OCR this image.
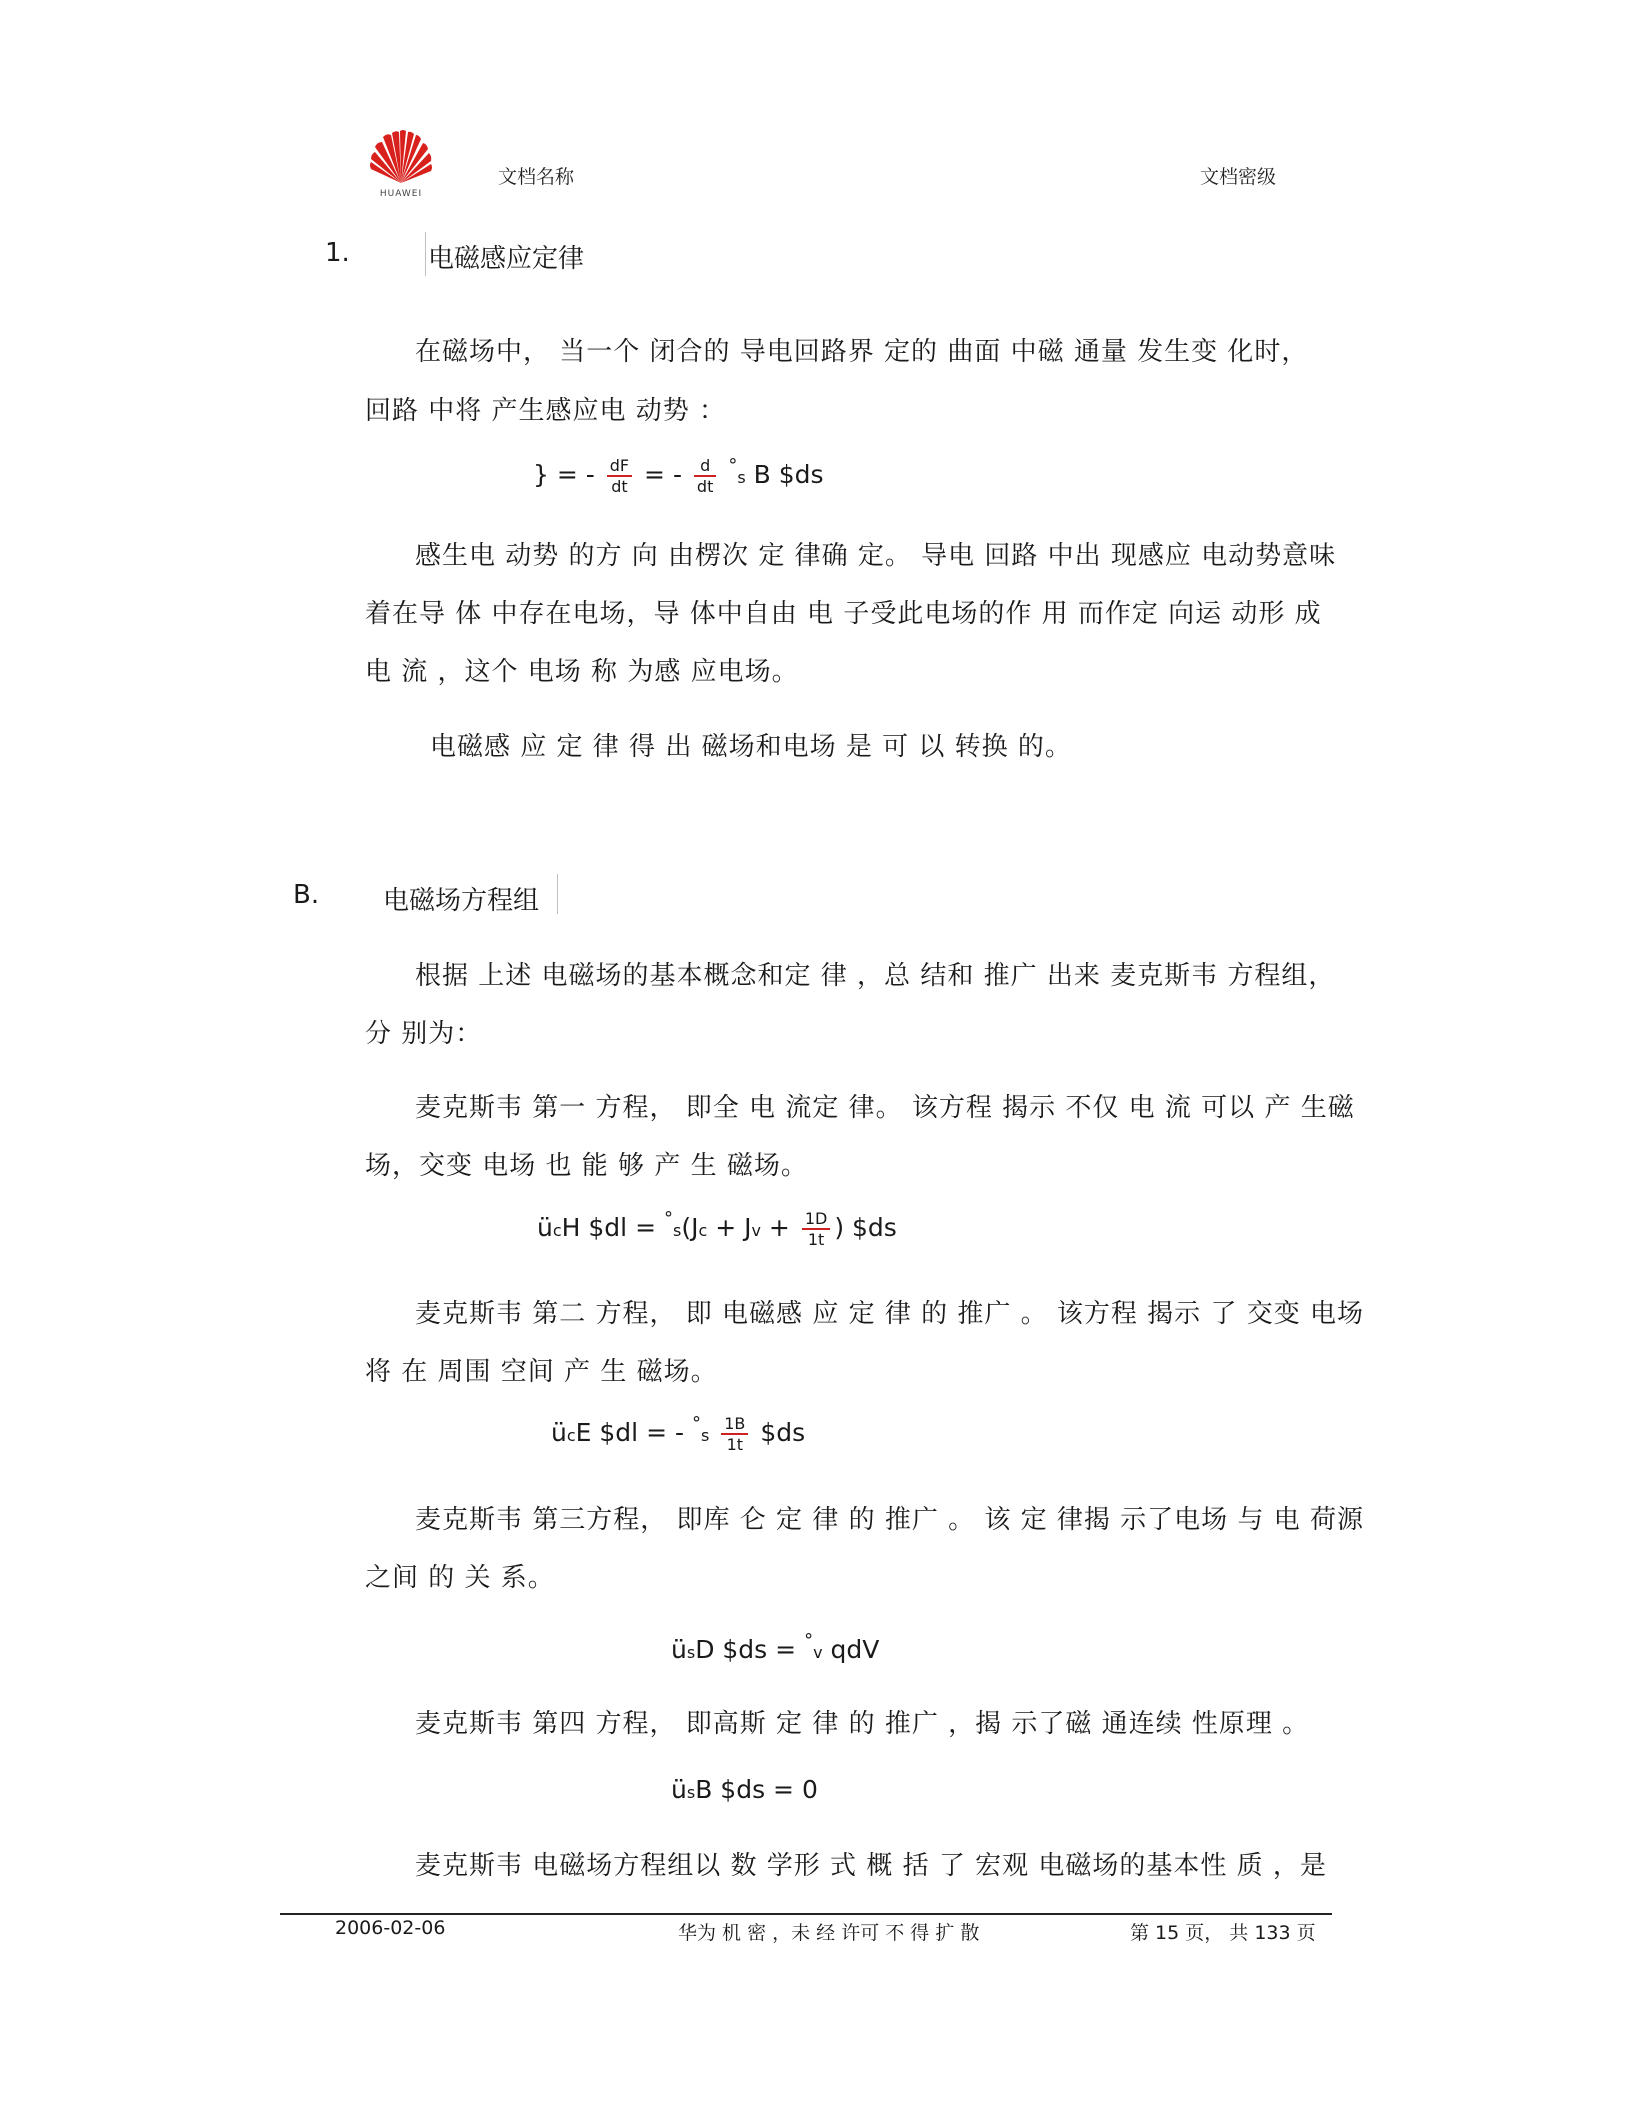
HUAWEI
文档名称	文档密级
1.	电磁感应定律
在磁场中， 当一个 闭合的 导电回路界 定的 曲面 中磁 通量 发生变 化时，
回路 中将 产生感应电 动势 ：
} = - $\frac{dF}{dt}$ = - $\frac{d}{dt} ^\circ s$ B $ds
感生电 动势 的方 向 由楞次 定 律确 定。 导电 回路 中出 现感应 电动势意味
着在导 体 中存在电场，导 体中自由 电 子受此电场的作 用 而作定 向运 动形 成
电 流 ，这个 电场 称 为感 应电场。
电磁感 应 定 律 得 出 磁场和电场 是 可 以 转换 的。
B. 电磁场方程组
根据 上述 电磁场的基本概念和定 律 ，总 结和 推广 出来 麦克斯韦 方程组，
分 别为：
麦克斯韦 第一 方程， 即全 电 流定 律。 该方程 揭示 不仅 电 流 可以 产 生磁
场，交变 电场 也 能 够 产 生 磁场。
ücH $dl = $^\circ s(Jc + Jv + \frac{1D}{1t}$ ) $ds
麦克斯韦 第二 方程， 即 电磁感 应 定 律 的 推广 。 该方程 揭示 了 交变 电场
将 在 周围 空间 产 生 磁场。
ücE $dl = - $^\circ s \frac{1B}{1t}$ $ds
麦克斯韦 第三方程， 即库 仑 定 律 的 推广 。 该 定 律揭 示了电场 与 电 荷源
之间 的 关 系。
üsD $ds = °v qdV
麦克斯韦 第四 方程， 即高斯 定 律 的 推广 ，揭 示了磁 通连续 性原理 。
üsB $ds = 0
麦克斯韦 电磁场方程组以 数 学形 式 概 括 了 宏观 电磁场的基本性 质 ，是
2006-02-06	华为 机 密 ，未 经 许可 不 得 扩 散	第 15 页， 共 133 页
